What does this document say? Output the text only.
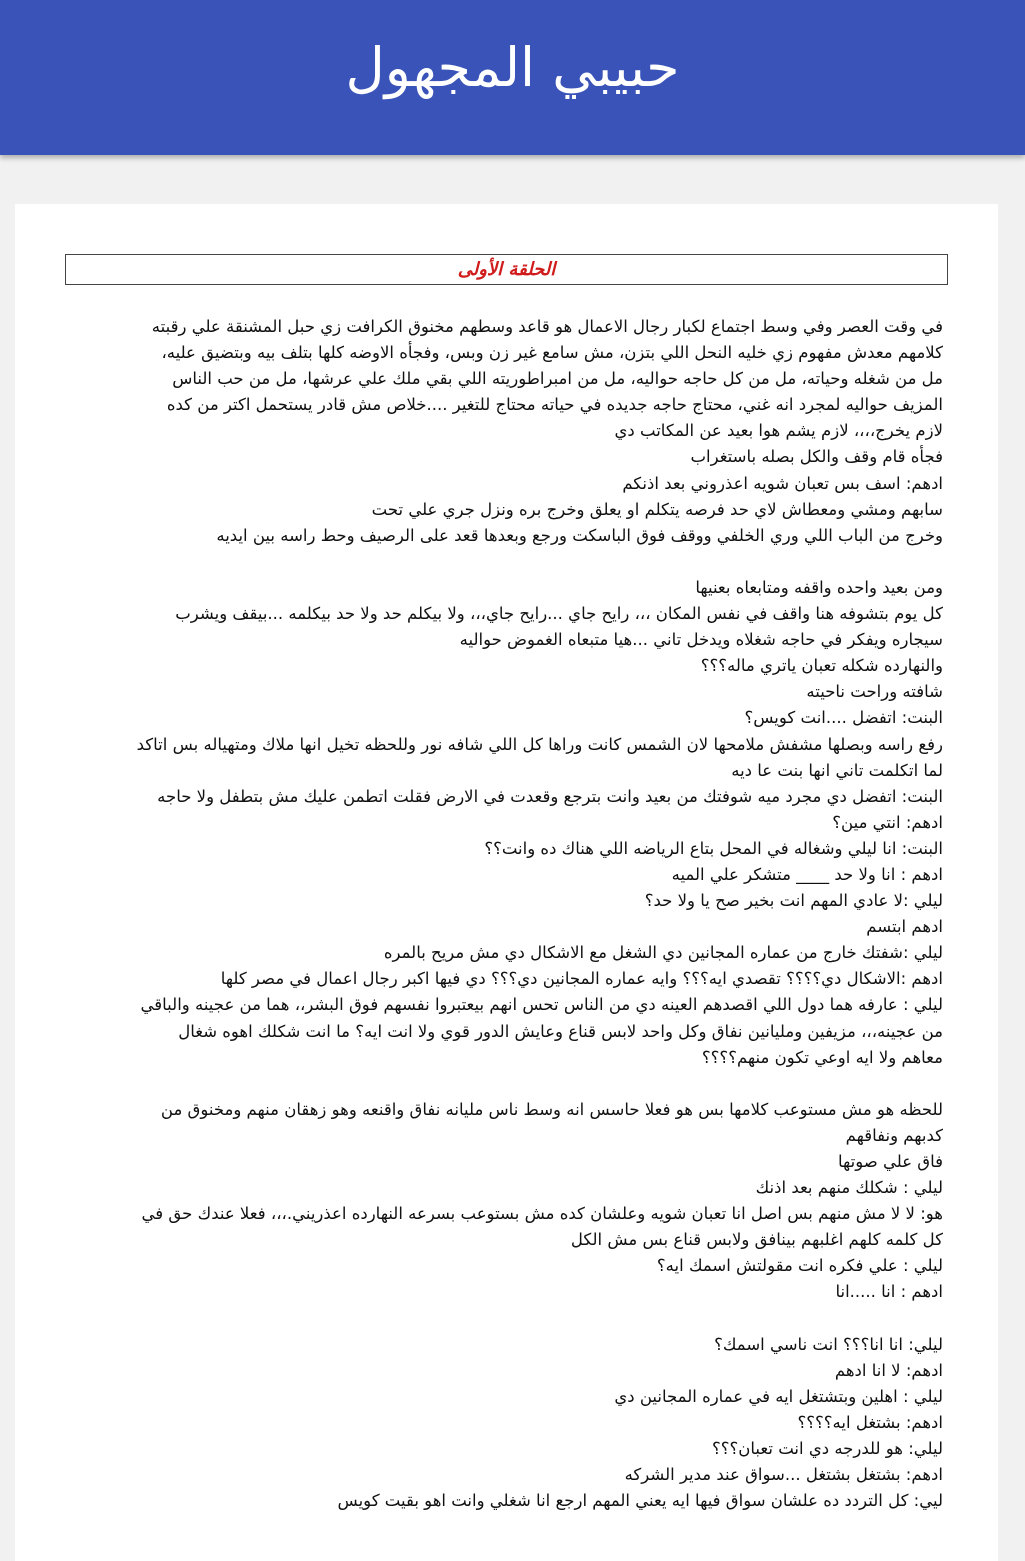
حبيبي المجهول
الحلقة الأولى
في وقت العصر وفي وسط اجتماع لكبار رجال الاعمال هو قاعد وسطهم مخنوق الكرافت زي حبل المشنقة علي رقبته
كلامهم معدش مفهوم زي خليه النحل اللي بتزن، مش سامع غير زن وبس، وفجأه الاوضه كلها بتلف بيه وبتضيق عليه،
مل من شغله وحياته، مل من كل حاجه حواليه، مل من امبراطوريته اللي بقي ملك علي عرشها، مل من حب الناس
المزيف حواليه لمجرد انه غني، محتاج حاجه جديده في حياته محتاج للتغير ....خلاص مش قادر يستحمل اكتر من كده
لازم يخرج،،،، لازم يشم هوا بعيد عن المكاتب دي
فجأه قام وقف والكل بصله باستغراب
ادهم: اسف بس تعبان شويه اعذروني بعد اذنكم
سابهم ومشي ومعطاش لاي حد فرصه يتكلم او يعلق وخرج بره ونزل جري علي تحت
وخرج من الباب اللي وري الخلفي ووقف فوق الباسكت ورجع وبعدها قعد على الرصيف وحط راسه بين ايديه
ومن بعيد واحده واقفه ومتابعاه بعنيها
كل يوم بتشوفه هنا واقف في نفس المكان ،،، رايح جاي ...رايح جاي،،، ولا بيكلم حد ولا حد بيكلمه ...بيقف ويشرب
سيجاره ويفكر في حاجه شغلاه ويدخل تاني ...هيا متبعاه الغموض حواليه
والنهارده شكله تعبان ياتري ماله؟؟؟
شافته وراحت ناحيته
البنت: اتفضل ....انت كويس؟
رفع راسه وبصلها مشفش ملامحها لان الشمس كانت وراها كل اللي شافه نور وللحظه تخيل انها ملاك ومتهياله بس اتاكد
لما اتكلمت تاني انها بنت عا ديه
البنت: اتفضل دي مجرد ميه شوفتك من بعيد وانت بترجع وقعدت في الارض فقلت اتطمن عليك مش بتطفل ولا حاجه
ادهم: انتي مين؟
البنت: انا ليلي وشغاله في المحل بتاع الرياضه اللي هناك ده وانت؟؟
ادهم : انا ولا حد ____ متشكر علي الميه
ليلي :لا عادي المهم انت بخير صح يا ولا حد؟
ادهم ابتسم
ليلي :شفتك خارج من عماره المجانين دي الشغل مع الاشكال دي مش مريح بالمره
ادهم :الاشكال دي؟؟؟؟ تقصدي ايه؟؟؟ وايه عماره المجانين دي؟؟؟ دي فيها اكبر رجال اعمال في مصر كلها
ليلي : عارفه هما دول اللي اقصدهم العينه دي من الناس تحس انهم بيعتبروا نفسهم فوق البشر،، هما من عجينه والباقي
من عجينه،،، مزيفين ومليانين نفاق وكل واحد لابس قناع وعايش الدور قوي ولا انت ايه؟ ما انت شكلك اهوه شغال
معاهم ولا ايه اوعي تكون منهم؟؟؟؟
للحظه هو مش مستوعب كلامها بس هو فعلا حاسس انه وسط ناس مليانه نفاق واقنعه وهو زهقان منهم ومخنوق من
كدبهم ونفاقهم
فاق علي صوتها
ليلي : شكلك منهم بعد اذنك
هو: لا لا مش منهم بس اصل انا تعبان شويه وعلشان كده مش بستوعب بسرعه النهارده اعذريني.،،، فعلا عندك حق في
كل كلمه كلهم اغلبهم بينافق ولابس قناع بس مش الكل
ليلي : علي فكره انت مقولتش اسمك ايه؟
ادهم : انا .....انا
ليلي: انا انا؟؟؟ انت ناسي اسمك؟
ادهم: لا انا ادهم
ليلي : اهلين وبتشتغل ايه في عماره المجانين دي
ادهم: بشتغل ايه؟؟؟؟
ليلي: هو للدرجه دي انت تعبان؟؟؟
ادهم: بشتغل بشتغل ...سواق عند مدير الشركه
ليي: كل التردد ده علشان سواق فيها ايه يعني المهم ارجع انا شغلي وانت اهو بقيت كويس
